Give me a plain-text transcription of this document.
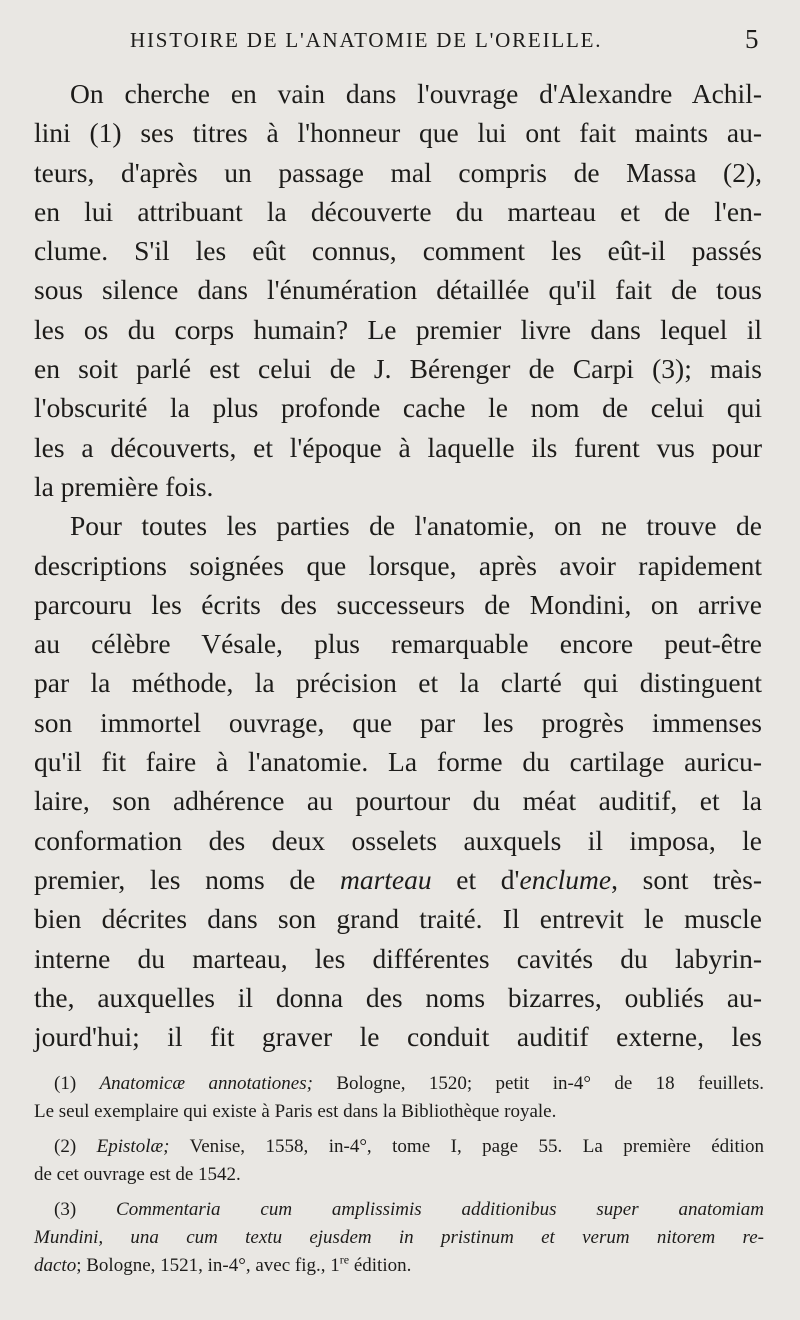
HISTOIRE DE L'ANATOMIE DE L'OREILLE.	5
On cherche en vain dans l'ouvrage d'Alexandre Achil-
lini (1) ses titres à l'honneur que lui ont fait maints au-
teurs, d'après un passage mal compris de Massa (2),
en lui attribuant la découverte du marteau et de l'en-
clume. S'il les eût connus, comment les eût-il passés
sous silence dans l'énumération détaillée qu'il fait de tous
les os du corps humain? Le premier livre dans lequel il
en soit parlé est celui de J. Bérenger de Carpi (3); mais
l'obscurité la plus profonde cache le nom de celui qui
les a découverts, et l'époque à laquelle ils furent vus pour
la première fois.
Pour toutes les parties de l'anatomie, on ne trouve de
descriptions soignées que lorsque, après avoir rapidement
parcouru les écrits des successeurs de Mondini, on arrive
au célèbre Vésale, plus remarquable encore peut-être
par la méthode, la précision et la clarté qui distinguent
son immortel ouvrage, que par les progrès immenses
qu'il fit faire à l'anatomie. La forme du cartilage auricu-
laire, son adhérence au pourtour du méat auditif, et la
conformation des deux osselets auxquels il imposa, le
premier, les noms de marteau et d'enclume, sont très-
bien décrites dans son grand traité. Il entrevit le muscle
interne du marteau, les différentes cavités du labyrin-
the, auxquelles il donna des noms bizarres, oubliés au-
jourd'hui; il fit graver le conduit auditif externe, les
(1) Anatomicæ annotationes; Bologne, 1520; petit in-4° de 18 feuillets.
Le seul exemplaire qui existe à Paris est dans la Bibliothèque royale.
(2) Epistolæ; Venise, 1558, in-4°, tome I, page 55. La première édition
de cet ouvrage est de 1542.
(3) Commentaria cum amplissimis additionibus super anatomiam
Mundini, una cum textu ejusdem in pristinum et verum nitorem re-
dacto; Bologne, 1521, in-4°, avec fig., 1re édition.
